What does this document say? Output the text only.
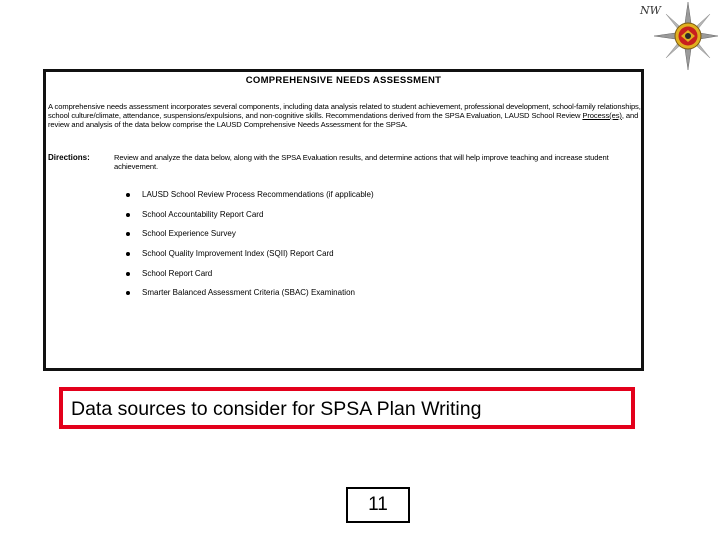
NW
COMPREHENSIVE NEEDS ASSESSMENT
A comprehensive needs assessment incorporates several components, including data analysis related to student achievement, professional development, school-family relationships, school culture/climate, attendance, suspensions/expulsions, and non-cognitive skills. Recommendations derived from the SPSA Evaluation, LAUSD School Review Process(es), and review and analysis of the data below comprise the LAUSD Comprehensive Needs Assessment for the SPSA.
Directions:	Review and analyze the data below, along with the SPSA Evaluation results, and determine actions that will help improve teaching and increase student achievement.
LAUSD School Review Process Recommendations (if applicable)
School Accountability Report Card
School Experience Survey
School Quality Improvement Index (SQII) Report Card
School Report Card
Smarter Balanced Assessment Criteria (SBAC) Examination
Data sources to consider for SPSA Plan Writing
11
